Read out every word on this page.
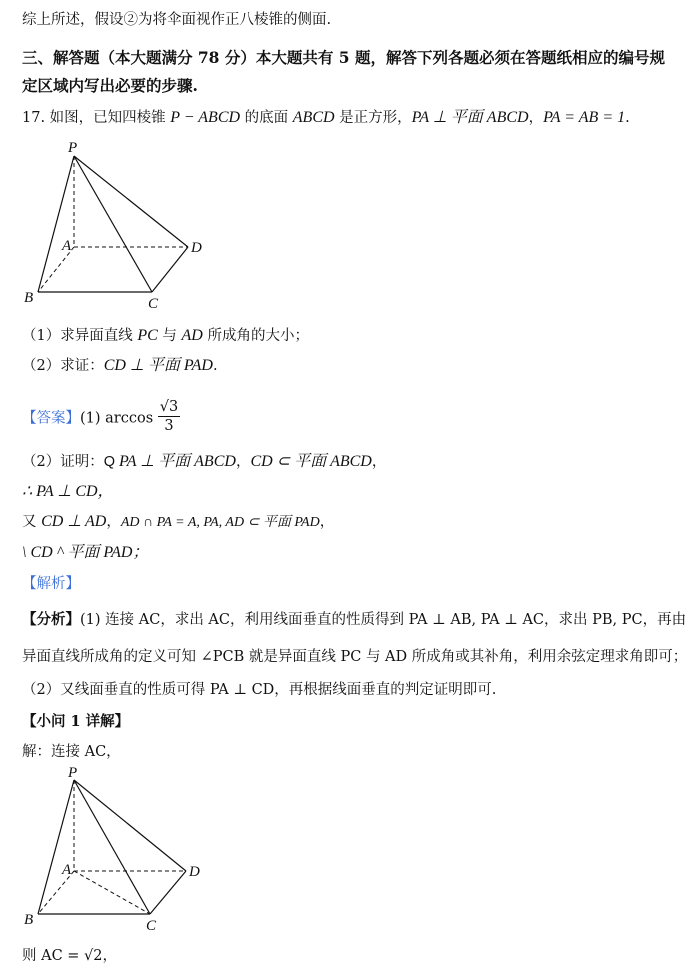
综上所述，假设②为将伞面视作正八棱锥的侧面.
三、解答题（本大题满分 78 分）本大题共有 5 题，解答下列各题必须在答题纸相应的编号规
定区域内写出必要的步骤.
17. 如图，已知四棱锥 P − ABCD 的底面 ABCD 是正方形，PA ⊥ 平面 ABCD，PA = AB = 1.
P
A	D
B	C
（1）求异面直线 PC 与 AD 所成角的大小；
（2）求证：CD ⊥ 平面 PAD.
【答案】(1) $\arccos \frac{√3}{3}$
（2）证明：Q PA ⊥ 平面 ABCD，CD ⊂ 平面 ABCD，
∴ PA ⊥ CD，
又 CD ⊥ AD，AD ∩ PA = A, PA, AD ⊂ 平面 PAD，
\ CD ^ 平面 PAD；
【解析】
【分析】(1) 连接 AC，求出 AC，利用线面垂直的性质得到 PA ⊥ AB, PA ⊥ AC，求出 PB, PC，再由
异面直线所成角的定义可知 ∠PCB 就是异面直线 PC 与 AD 所成角或其补角，利用余弦定理求角即可；
（2）又线面垂直的性质可得 PA ⊥ CD，再根据线面垂直的判定证明即可.
【小问 1 详解】
解：连接 AC，
P
A	D
B	C
则 AC = √2，
